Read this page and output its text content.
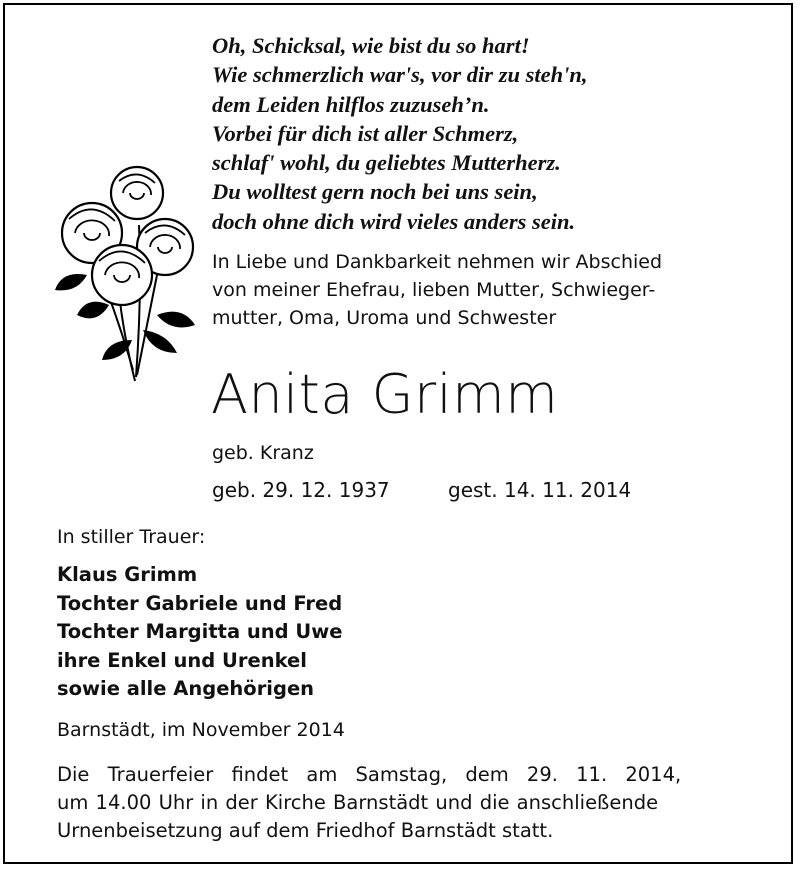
Oh, Schicksal, wie bist du so hart!
Wie schmerzlich war's, vor dir zu steh'n,
dem Leiden hilflos zuzuseh’n.
Vorbei für dich ist aller Schmerz,
schlaf' wohl, du geliebtes Mutterherz.
Du wolltest gern noch bei uns sein,
doch ohne dich wird vieles anders sein.
In Liebe und Dankbarkeit nehmen wir Abschied
von meiner Ehefrau, lieben Mutter, Schwieger-
mutter, Oma, Uroma und Schwester
Anita Grimm
geb. Kranz
geb. 29. 12. 1937	gest. 14. 11. 2014
In stiller Trauer:
Klaus Grimm
Tochter Gabriele und Fred
Tochter Margitta und Uwe
ihre Enkel und Urenkel
sowie alle Angehörigen
Barnstädt, im November 2014
Die Trauerfeier findet am Samstag, dem 29. 11. 2014,
um 14.00 Uhr in der Kirche Barnstädt und die anschließende
Urnenbeisetzung auf dem Friedhof Barnstädt statt.
